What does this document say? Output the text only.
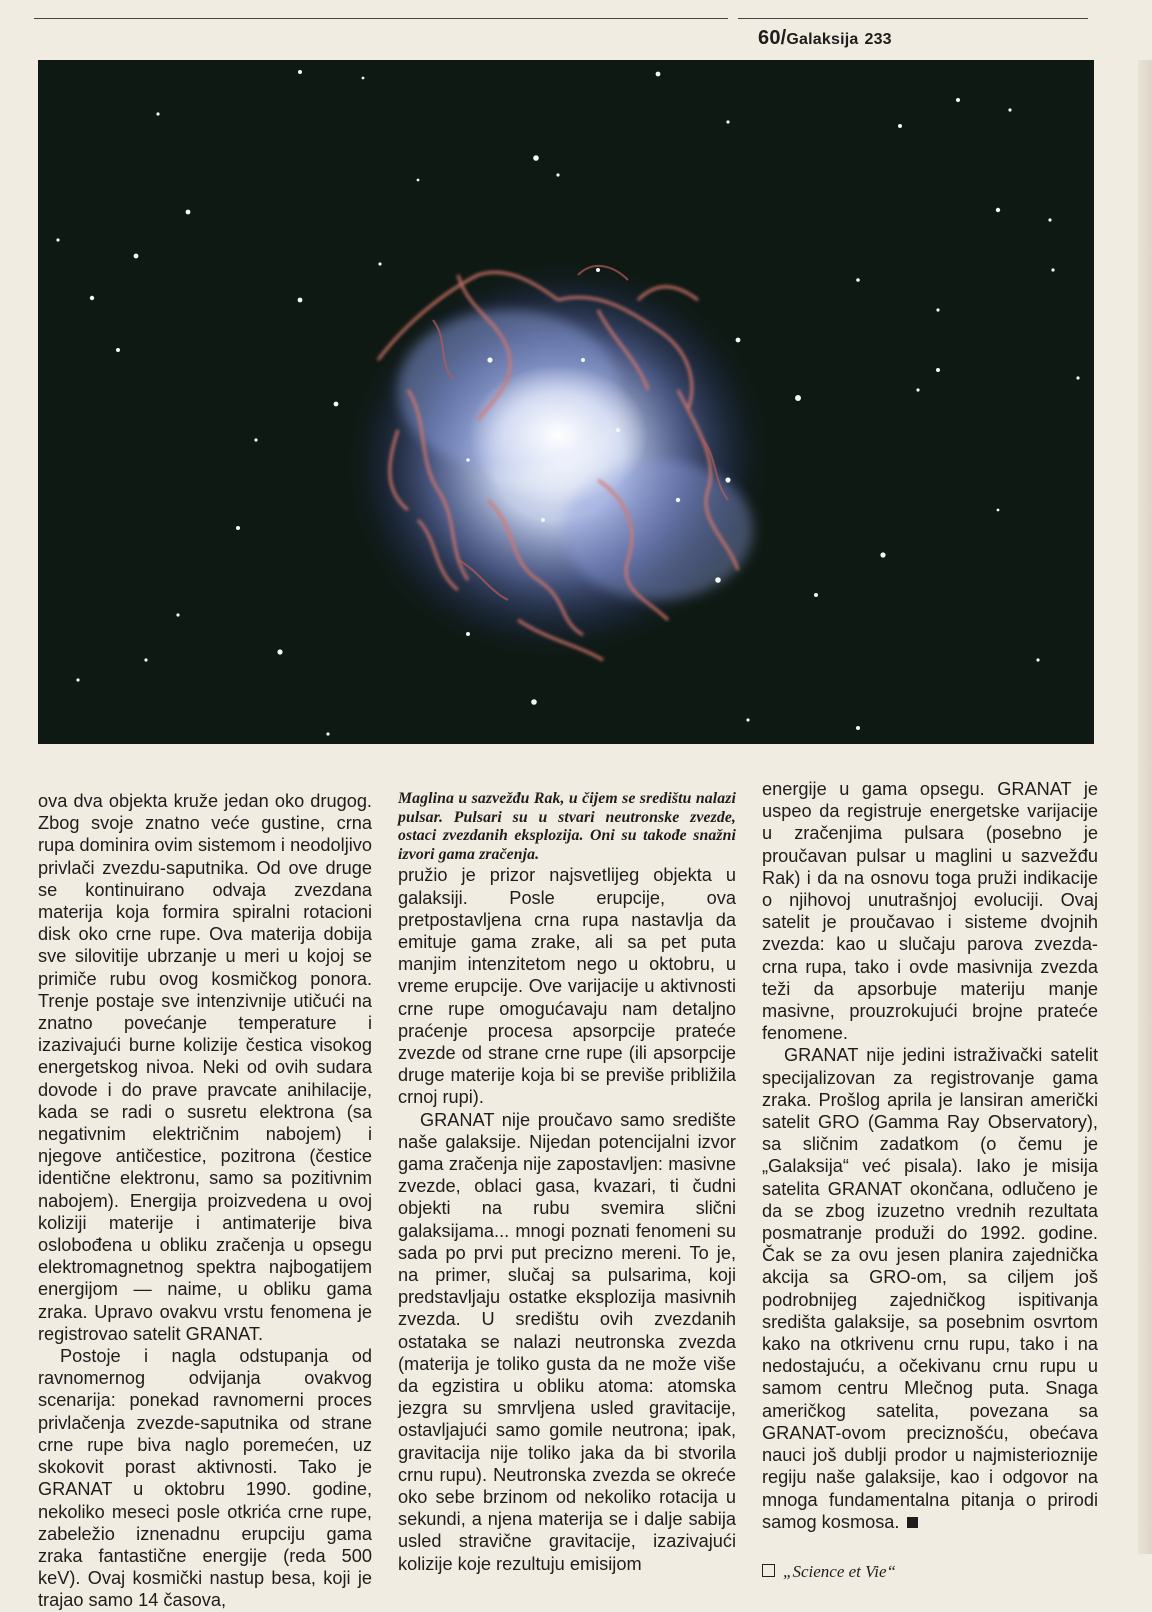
60/Galaksija 233

ova dva objekta kruže jedan oko drugog. Zbog svoje znatno veće gustine, crna rupa dominira ovim sistemom i neodoljivo privlači zvezdu-saputnika. Od ove druge se kontinuirano odvaja zvezdana materija koja formira spiralni rotacioni disk oko crne rupe. Ova materija dobija sve silovitije ubrzanje u meri u kojoj se primiče rubu ovog kosmičkog ponora. Trenje postaje sve intenzivnije utičući na znatno povećanje temperature i izazivajući burne kolizije čestica visokog energetskog nivoa. Neki od ovih sudara dovode i do prave pravcate anihilacije, kada se radi o susretu elektrona (sa negativnim električnim nabojem) i njegove antičestice, pozitrona (čestice identične elektronu, samo sa pozitivnim nabojem). Energija proizvedena u ovoj koliziji materije i antimaterije biva oslobođena u obliku zračenja u opsegu elektromagnetnog spektra najbogatijem energijom — naime, u obliku gama zraka. Upravo ovakvu vrstu fenomena je registrovao satelit GRANAT.

Postoje i nagla odstupanja od ravnomernog odvijanja ovakvog scenarija: ponekad ravnomerni proces privlačenja zvezde-saputnika od strane crne rupe biva naglo poremećen, uz skokovit porast aktivnosti. Tako je GRANAT u oktobru 1990. godine, nekoliko meseci posle otkrića crne rupe, zabeležio iznenadnu erupciju gama zraka fantastične energije (reda 500 keV). Ovaj kosmički nastup besa, koji je trajao samo 14 časova,

Maglina u sazvežđu Rak, u čijem se središtu nalazi pulsar. Pulsari su u stvari neutronske zvezde, ostaci zvezdanih eksplozija. Oni su takođe snažni izvori gama zračenja.

pružio je prizor najsvetlijeg objekta u galaksiji. Posle erupcije, ova pretpostavljena crna rupa nastavlja da emituje gama zrake, ali sa pet puta manjim intenzitetom nego u oktobru, u vreme erupcije. Ove varijacije u aktivnosti crne rupe omogućavaju nam detaljno praćenje procesa apsorpcije prateće zvezde od strane crne rupe (ili apsorpcije druge materije koja bi se previše približila crnoj rupi).

GRANAT nije proučavo samo središte naše galaksije. Nijedan potencijalni izvor gama zračenja nije zapostavljen: masivne zvezde, oblaci gasa, kvazari, ti čudni objekti na rubu svemira slični galaksijama... mnogi poznati fenomeni su sada po prvi put precizno mereni. To je, na primer, slučaj sa pulsarima, koji predstavljaju ostatke eksplozija masivnih zvezda. U središtu ovih zvezdanih ostataka se nalazi neutronska zvezda (materija je toliko gusta da ne može više da egzistira u obliku atoma: atomska jezgra su smrvljena usled gravitacije, ostavljajući samo gomile neutrona; ipak, gravitacija nije toliko jaka da bi stvorila crnu rupu). Neutronska zvezda se okreće oko sebe brzinom od nekoliko rotacija u sekundi, a njena materija se i dalje sabija usled stravične gravitacije, izazivajući kolizije koje rezultuju emisijom

energije u gama opsegu. GRANAT je uspeo da registruje energetske varijacije u zračenjima pulsara (posebno je proučavan pulsar u maglini u sazvežđu Rak) i da na osnovu toga pruži indikacije o njihovoj unutrašnjoj evoluciji. Ovaj satelit je proučavao i sisteme dvojnih zvezda: kao u slučaju parova zvezda-crna rupa, tako i ovde masivnija zvezda teži da apsorbuje materiju manje masivne, prouzrokujući brojne prateće fenomene.

GRANAT nije jedini istraživački satelit specijalizovan za registrovanje gama zraka. Prošlog aprila je lansiran američki satelit GRO (Gamma Ray Observatory), sa sličnim zadatkom (o čemu je „Galaksija“ već pisala). Iako je misija satelita GRANAT okončana, odlučeno je da se zbog izuzetno vrednih rezultata posmatranje produži do 1992. godine. Čak se za ovu jesen planira zajednička akcija sa GRO-om, sa ciljem još podrobnijeg zajedničkog ispitivanja središta galaksije, sa posebnim osvrtom kako na otkrivenu crnu rupu, tako i na nedostajuću, a očekivanu crnu rupu u samom centru Mlečnog puta. Snaga američkog satelita, povezana sa GRANAT-ovom preciznošću, obećava nauci još dublji prodor u najmisterioznije regiju naše galaksije, kao i odgovor na mnoga fundamentalna pitanja o prirodi samog kosmosa.

„Science et Vie“
